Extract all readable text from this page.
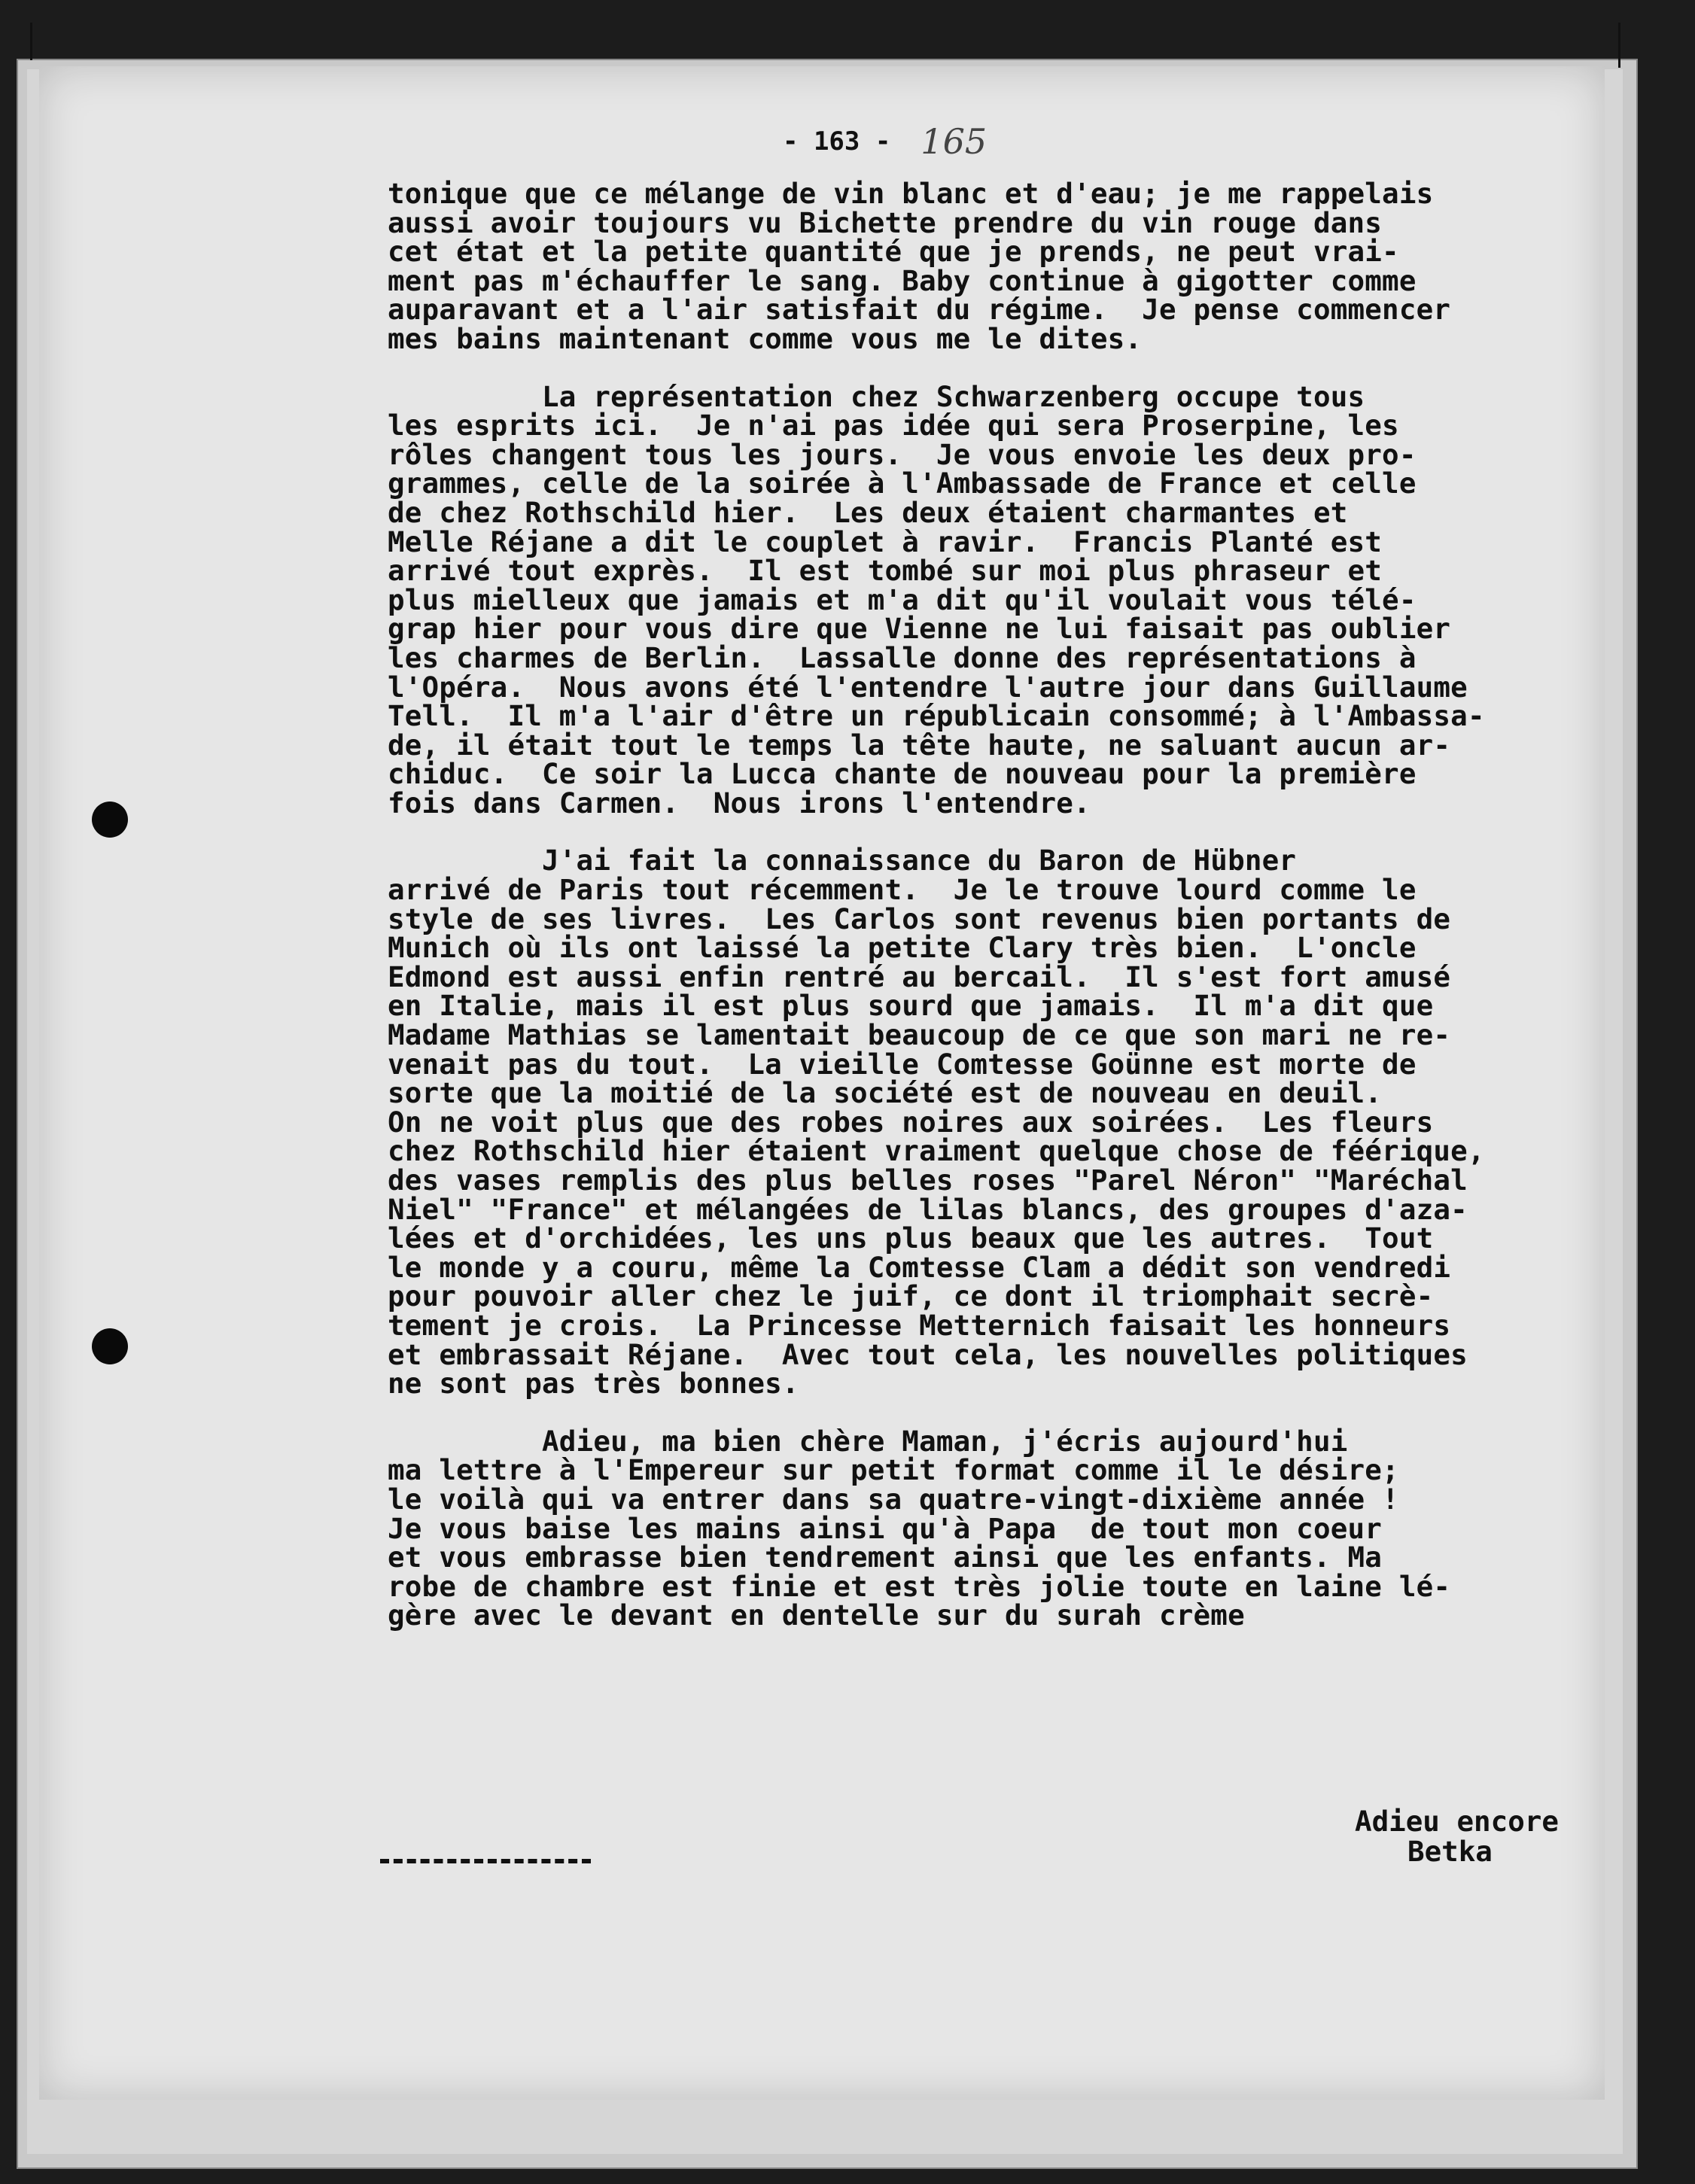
- 163 - 165
tonique que ce mélange de vin blanc et d'eau; je me rappelais
aussi avoir toujours vu Bichette prendre du vin rouge dans
cet état et la petite quantité que je prends, ne peut vrai-
ment pas m'échauffer le sang. Baby continue à gigotter comme
auparavant et a l'air satisfait du régime.  Je pense commencer
mes bains maintenant comme vous me le dites.
La représentation chez Schwarzenberg occupe tous
les esprits ici.  Je n'ai pas idée qui sera Proserpine, les
rôles changent tous les jours.  Je vous envoie les deux pro-
grammes, celle de la soirée à l'Ambassade de France et celle
de chez Rothschild hier.  Les deux étaient charmantes et
Melle Réjane a dit le couplet à ravir.  Francis Planté est
arrivé tout exprès.  Il est tombé sur moi plus phraseur et
plus mielleux que jamais et m'a dit qu'il voulait vous télé-
grap hier pour vous dire que Vienne ne lui faisait pas oublier
les charmes de Berlin.  Lassalle donne des représentations à
l'Opéra.  Nous avons été l'entendre l'autre jour dans Guillaume
Tell.  Il m'a l'air d'être un républicain consommé; à l'Ambassa-
de, il était tout le temps la tête haute, ne saluant aucun ar-
chiduc.  Ce soir la Lucca chante de nouveau pour la première
fois dans Carmen.  Nous irons l'entendre.
J'ai fait la connaissance du Baron de Hübner
arrivé de Paris tout récemment.  Je le trouve lourd comme le
style de ses livres.  Les Carlos sont revenus bien portants de
Munich où ils ont laissé la petite Clary très bien.  L'oncle
Edmond est aussi enfin rentré au bercail.  Il s'est fort amusé
en Italie, mais il est plus sourd que jamais.  Il m'a dit que
Madame Mathias se lamentait beaucoup de ce que son mari ne re-
venait pas du tout.  La vieille Comtesse Goünne est morte de
sorte que la moitié de la société est de nouveau en deuil.
On ne voit plus que des robes noires aux soirées.  Les fleurs
chez Rothschild hier étaient vraiment quelque chose de féérique,
des vases remplis des plus belles roses "Parel Néron" "Maréchal
Niel" "France" et mélangées de lilas blancs, des groupes d'aza-
lées et d'orchidées, les uns plus beaux que les autres.  Tout
le monde y a couru, même la Comtesse Clam a dédit son vendredi
pour pouvoir aller chez le juif, ce dont il triomphait secrè-
tement je crois.  La Princesse Metternich faisait les honneurs
et embrassait Réjane.  Avec tout cela, les nouvelles politiques
ne sont pas très bonnes.
Adieu, ma bien chère Maman, j'écris aujourd'hui
ma lettre à l'Empereur sur petit format comme il le désire;
le voilà qui va entrer dans sa quatre-vingt-dixième année !
Je vous baise les mains ainsi qu'à Papa  de tout mon coeur
et vous embrasse bien tendrement ainsi que les enfants. Ma
robe de chambre est finie et est très jolie toute en laine lé-
gère avec le devant en dentelle sur du surah crème
Adieu encore
Betka
